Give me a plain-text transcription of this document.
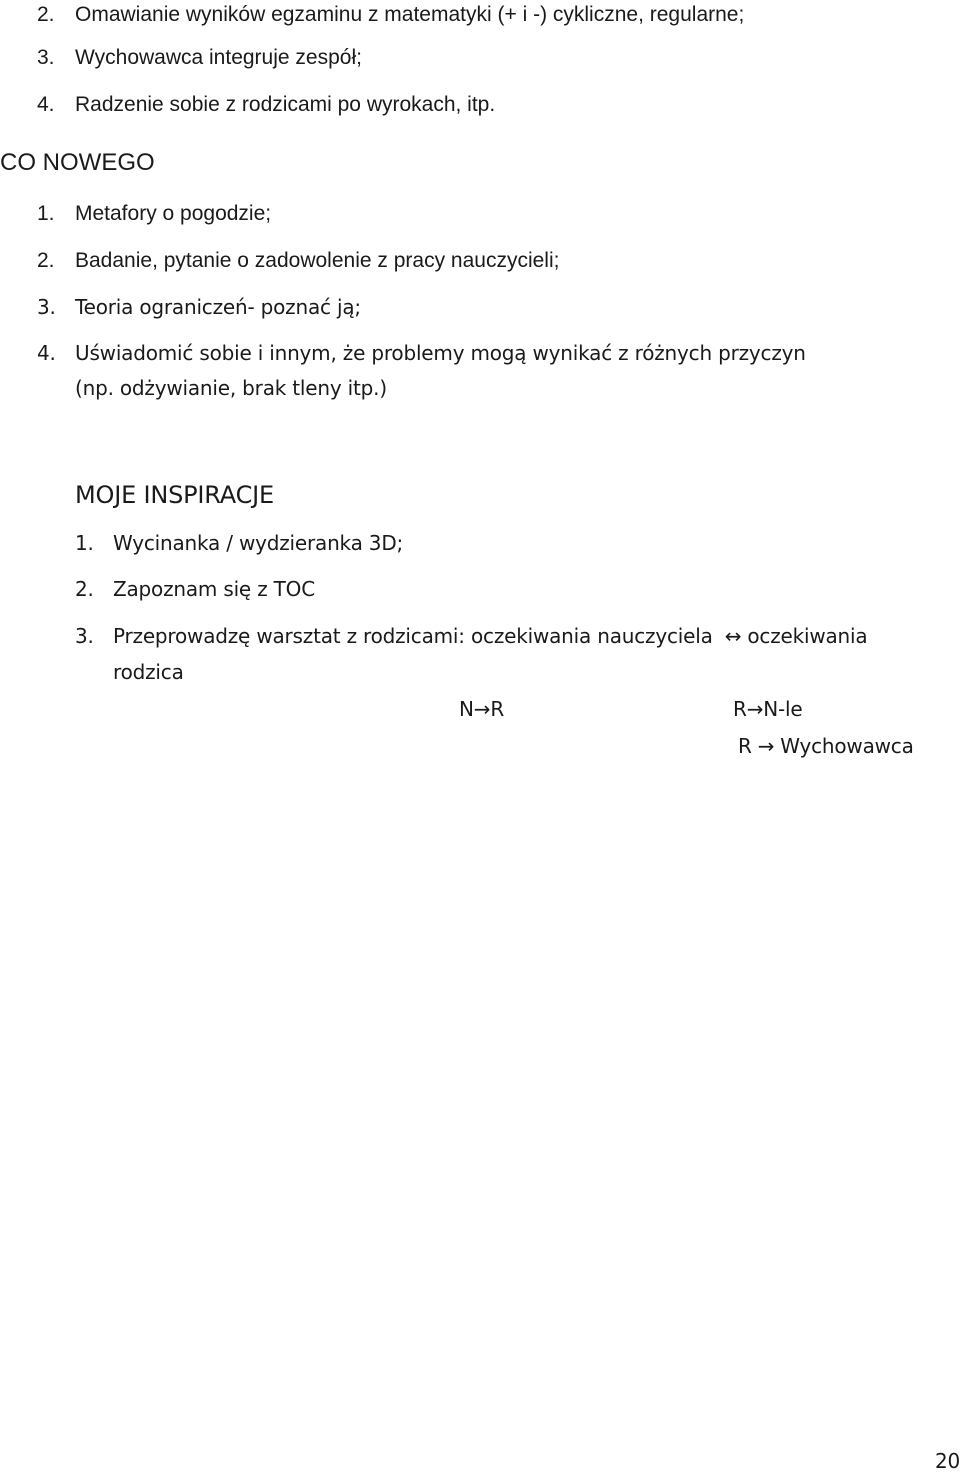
2. Omawianie wyników egzaminu z matematyki (+ i -) cykliczne, regularne;
3. Wychowawca integruje zespół;
4. Radzenie sobie z rodzicami po wyrokach, itp.
CO NOWEGO
1. Metafory o pogodzie;
2. Badanie, pytanie o zadowolenie z pracy nauczycieli;
3. Teoria ograniczeń- poznać ją;
4. Uświadomić sobie i innym, że problemy mogą wynikać z różnych przyczyn
(np. odżywianie, brak tleny itp.)
MOJE INSPIRACJE
1. Wycinanka / wydzieranka 3D;
2. Zapoznam się z TOC
3. Przeprowadzę warsztat z rodzicami: oczekiwania nauczyciela ↔ oczekiwania
rodzica
N→R	R→N-le
R → Wychowawca
20
